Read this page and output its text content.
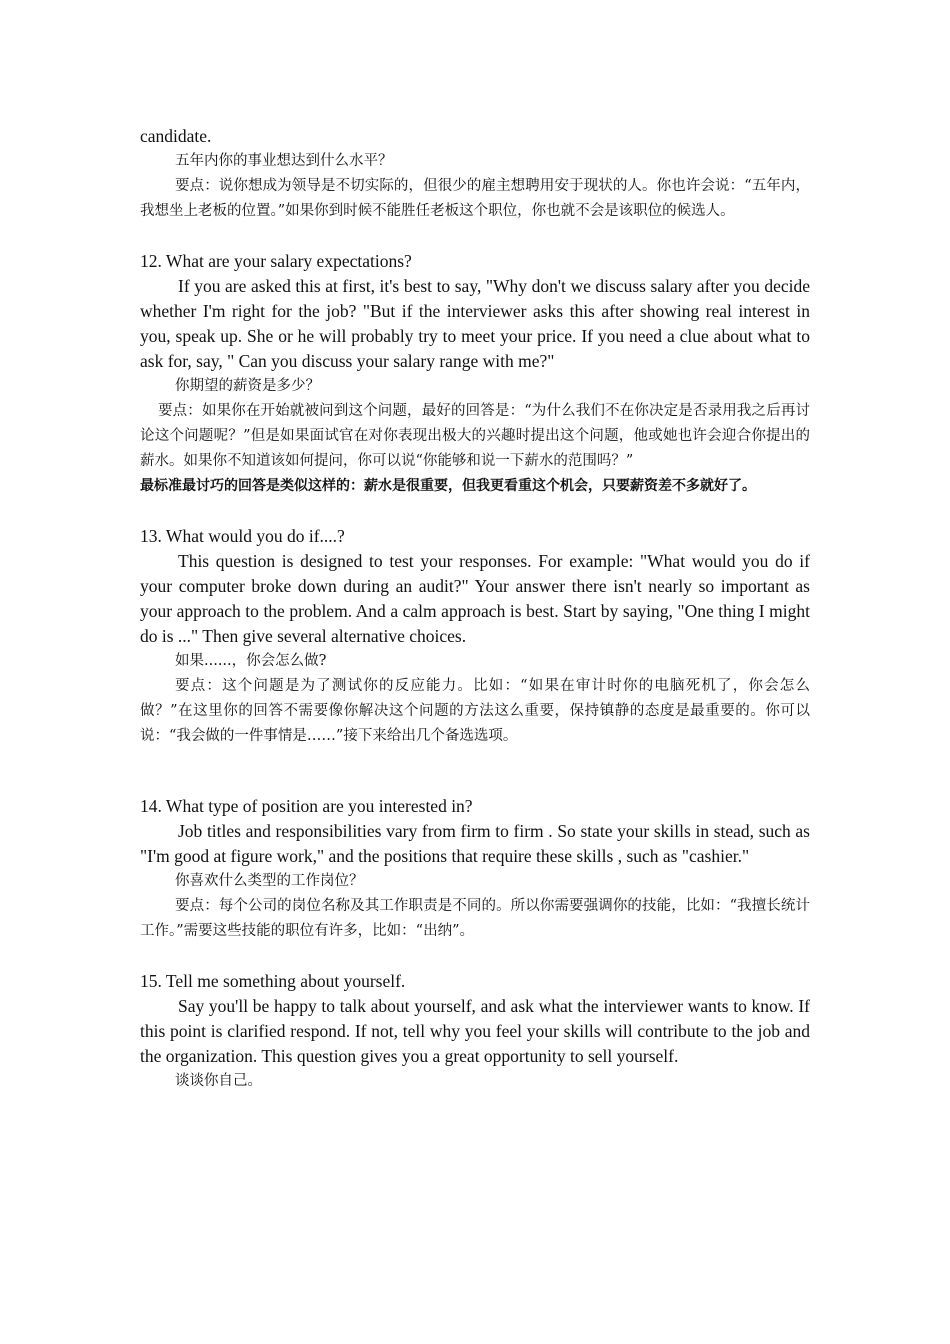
candidate.

五年内你的事业想达到什么水平？

要点：说你想成为领导是不切实际的，但很少的雇主想聘用安于现状的人。你也许会说：“五年内，我想坐上老板的位置。”如果你到时候不能胜任老板这个职位，你也就不会是该职位的候选人。

12. What are your salary expectations?

If you are asked this at first, it's best to say, "Why don't we discuss salary after you decide whether I'm right for the job? "But if the interviewer asks this after showing real interest in you, speak up. She or he will probably try to meet your price. If you need a clue about what to ask for, say, " Can you discuss your salary range with me?"

你期望的薪资是多少？

要点：如果你在开始就被问到这个问题，最好的回答是：“为什么我们不在你决定是否录用我之后再讨论这个问题呢？”但是如果面试官在对你表现出极大的兴趣时提出这个问题，他或她也许会迎合你提出的薪水。如果你不知道该如何提问，你可以说“你能够和说一下薪水的范围吗？”

最标准最讨巧的回答是类似这样的：薪水是很重要，但我更看重这个机会，只要薪资差不多就好了。

13. What would you do if....?

This question is designed to test your responses. For example: "What would you do if your computer broke down during an audit?" Your answer there isn't nearly so important as your approach to the problem. And a calm approach is best. Start by saying, "One thing I might do is ..." Then give several alternative choices.

如果......，你会怎么做?

要点：这个问题是为了测试你的反应能力。比如：“如果在审计时你的电脑死机了，你会怎么做？”在这里你的回答不需要像你解决这个问题的方法这么重要，保持镇静的态度是最重要的。你可以说：“我会做的一件事情是……”接下来给出几个备选选项。

14. What type of position are you interested in?

Job titles and responsibilities vary from firm to firm . So state your skills in stead, such as "I'm good at figure work," and the positions that require these skills , such as "cashier."

你喜欢什么类型的工作岗位？

要点：每个公司的岗位名称及其工作职责是不同的。所以你需要强调你的技能，比如：“我擅长统计工作。”需要这些技能的职位有许多，比如：“出纳”。

15. Tell me something about yourself.

Say you'll be happy to talk about yourself, and ask what the interviewer wants to know. If this point is clarified respond. If not, tell why you feel your skills will contribute to the job and the organization. This question gives you a great opportunity to sell yourself.

谈谈你自己。
